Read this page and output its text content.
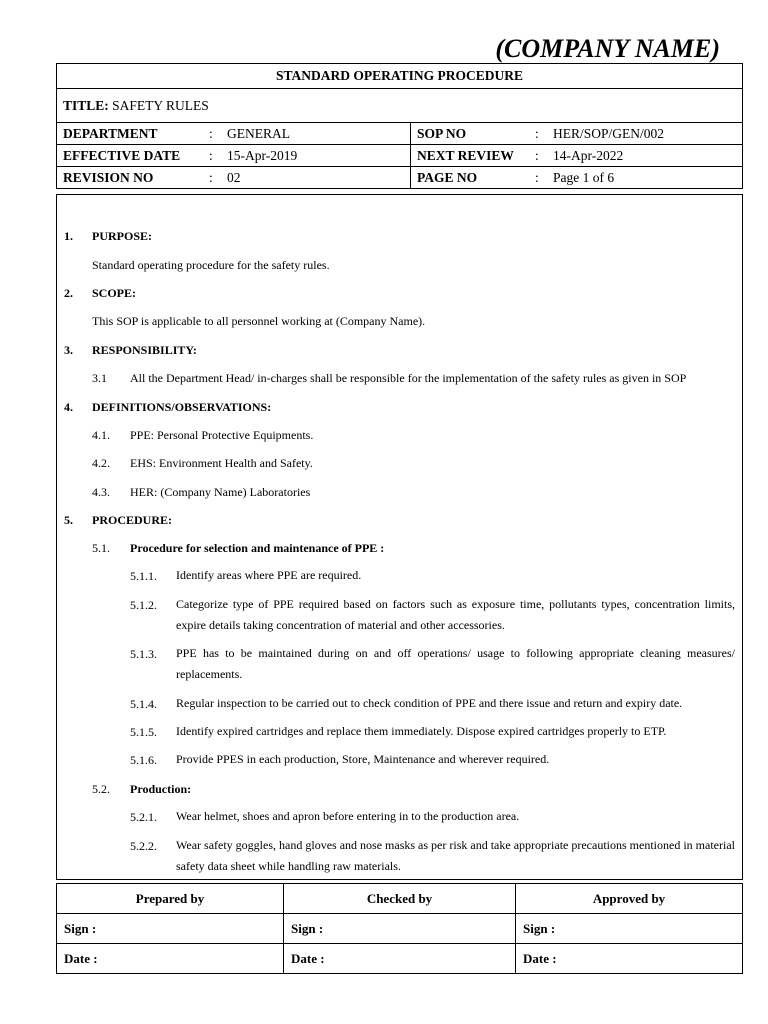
(COMPANY NAME)
STANDARD OPERATING PROCEDURE	
TITLE: SAFETY RULES	
DEPARTMENT : GENERAL	SOP NO : HER/SOP/GEN/002
EFFECTIVE DATE : 15-Apr-2019	NEXT REVIEW : 14-Apr-2022
REVISION NO : 02	PAGE NO : Page 1 of 6
1. PURPOSE:
Standard operating procedure for the safety rules.
2. SCOPE:
This SOP is applicable to all personnel working at (Company Name).
3. RESPONSIBILITY:
3.1 All the Department Head/ in-charges shall be responsible for the implementation of the safety rules as given in SOP
4. DEFINITIONS/OBSERVATIONS:
4.1. PPE: Personal Protective Equipments.
4.2. EHS: Environment Health and Safety.
4.3. HER: (Company Name) Laboratories
5. PROCEDURE:
5.1. Procedure for selection and maintenance of PPE :
5.1.1. Identify areas where PPE are required.
5.1.2. Categorize type of PPE required based on factors such as exposure time, pollutants types, concentration limits, expire details taking concentration of material and other accessories.
5.1.3. PPE has to be maintained during on and off operations/ usage to following appropriate cleaning measures/ replacements.
5.1.4. Regular inspection to be carried out to check condition of PPE and there issue and return and expiry date.
5.1.5. Identify expired cartridges and replace them immediately. Dispose expired cartridges properly to ETP.
5.1.6. Provide PPES in each production, Store, Maintenance and wherever required.
5.2. Production:
5.2.1. Wear helmet, shoes and apron before entering in to the production area.
5.2.2. Wear safety goggles, hand gloves and nose masks as per risk and take appropriate precautions mentioned in material safety data sheet while handling raw materials.
Prepared by	Checked by	Approved by
Sign :	Sign :	Sign :
Date :	Date :	Date :
